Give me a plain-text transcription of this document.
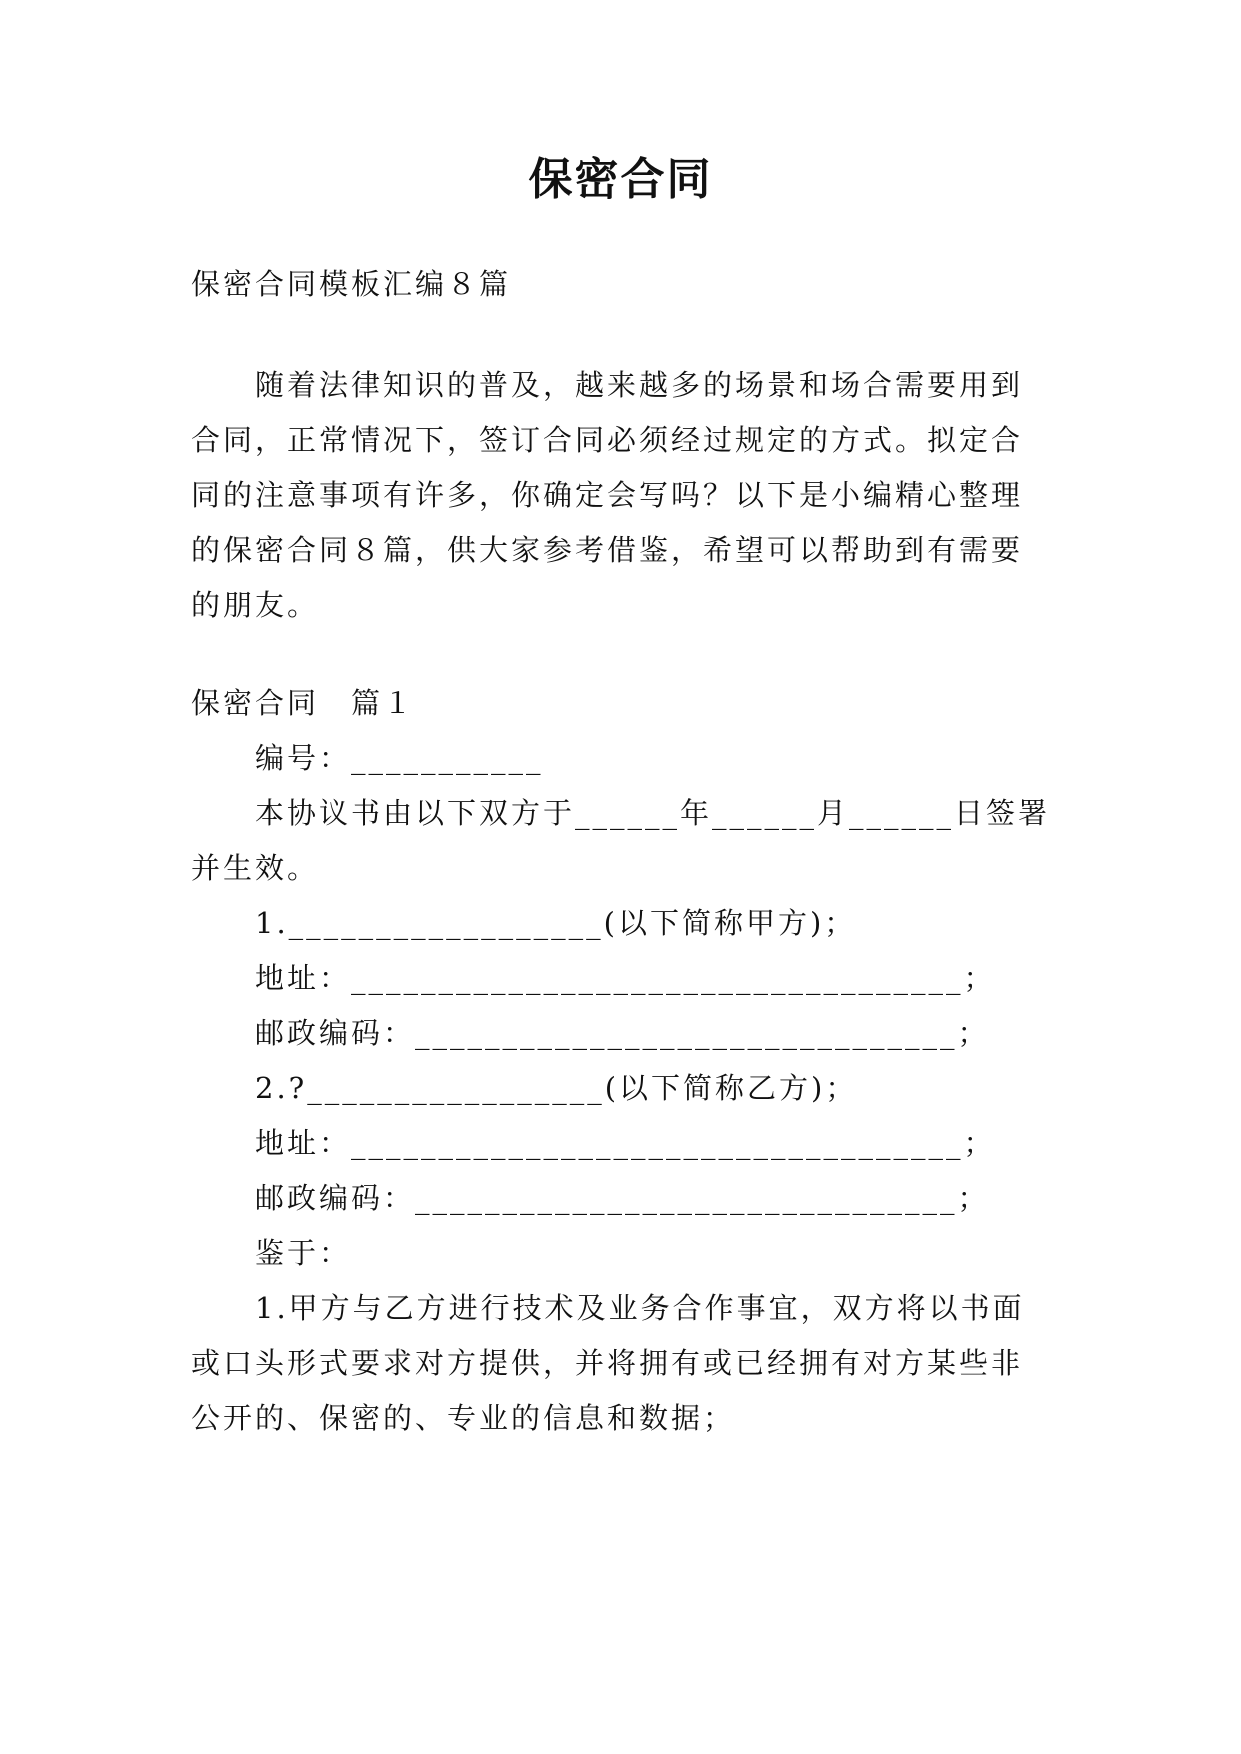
保密合同
保密合同模板汇编８篇
随着法律知识的普及，越来越多的场景和场合需要用到
合同，正常情况下，签订合同必须经过规定的方式。拟定合
同的注意事项有许多，你确定会写吗？以下是小编精心整理
的保密合同８篇，供大家参考借鉴，希望可以帮助到有需要
的朋友。
保密合同　篇１
编号：___________
本协议书由以下双方于______年______月______日签署
并生效。
1.__________________(以下简称甲方)；
地址：___________________________________；
邮政编码：_______________________________；
2.?_________________(以下简称乙方)；
地址：___________________________________；
邮政编码：_______________________________；
鉴于：
1.甲方与乙方进行技术及业务合作事宜，双方将以书面
或口头形式要求对方提供，并将拥有或已经拥有对方某些非
公开的、保密的、专业的信息和数据；
